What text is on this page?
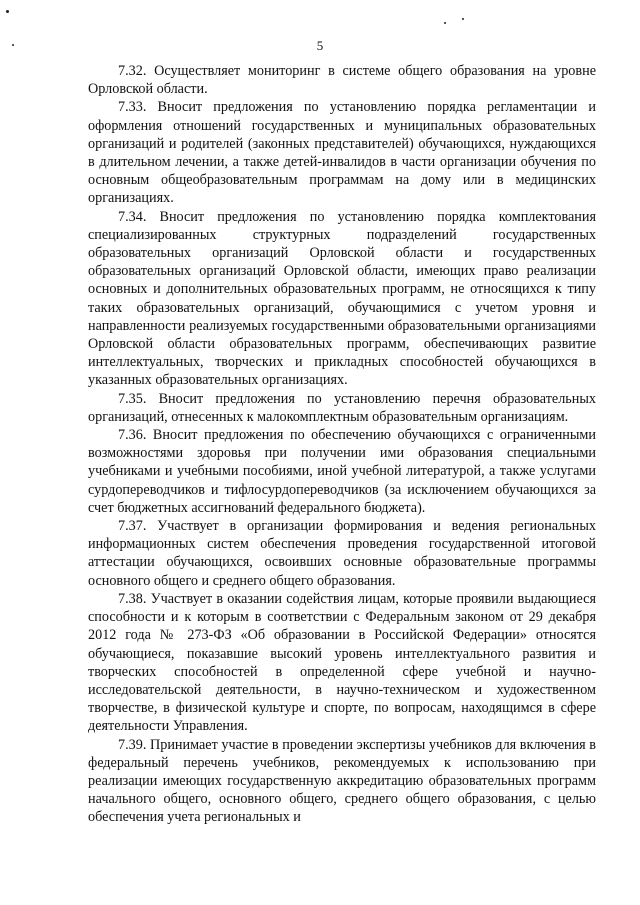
5

7.32. Осуществляет мониторинг в системе общего образования на уровне Орловской области.

7.33. Вносит предложения по установлению порядка регламентации и оформления отношений государственных и муниципальных образовательных организаций и родителей (законных представителей) обучающихся, нуждающихся в длительном лечении, а также детей-инвалидов в части организации обучения по основным общеобразовательным программам на дому или в медицинских организациях.

7.34. Вносит предложения по установлению порядка комплектования специализированных структурных подразделений государственных образовательных организаций Орловской области и государственных образовательных организаций Орловской области, имеющих право реализации основных и дополнительных образовательных программ, не относящихся к типу таких образовательных организаций, обучающимися с учетом уровня и направленности реализуемых государственными образовательными организациями Орловской области образовательных программ, обеспечивающих развитие интеллектуальных, творческих и прикладных способностей обучающихся в указанных образовательных организациях.

7.35. Вносит предложения по установлению перечня образовательных организаций, отнесенных к малокомплектным образовательным организациям.

7.36. Вносит предложения по обеспечению обучающихся с ограниченными возможностями здоровья при получении ими образования специальными учебниками и учебными пособиями, иной учебной литературой, а также услугами сурдопереводчиков и тифлосурдопереводчиков (за исключением обучающихся за счет бюджетных ассигнований федерального бюджета).

7.37. Участвует в организации формирования и ведения региональных информационных систем обеспечения проведения государственной итоговой аттестации обучающихся, освоивших основные образовательные программы основного общего и среднего общего образования.

7.38. Участвует в оказании содействия лицам, которые проявили выдающиеся способности и к которым в соответствии с Федеральным законом от 29 декабря 2012 года № 273-ФЗ «Об образовании в Российской Федерации» относятся обучающиеся, показавшие высокий уровень интеллектуального развития и творческих способностей в определенной сфере учебной и научно-исследовательской деятельности, в научно-техническом и художественном творчестве, в физической культуре и спорте, по вопросам, находящимся в сфере деятельности Управления.

7.39. Принимает участие в проведении экспертизы учебников для включения в федеральный перечень учебников, рекомендуемых к использованию при реализации имеющих государственную аккредитацию образовательных программ начального общего, основного общего, среднего общего образования, с целью обеспечения учета региональных и
